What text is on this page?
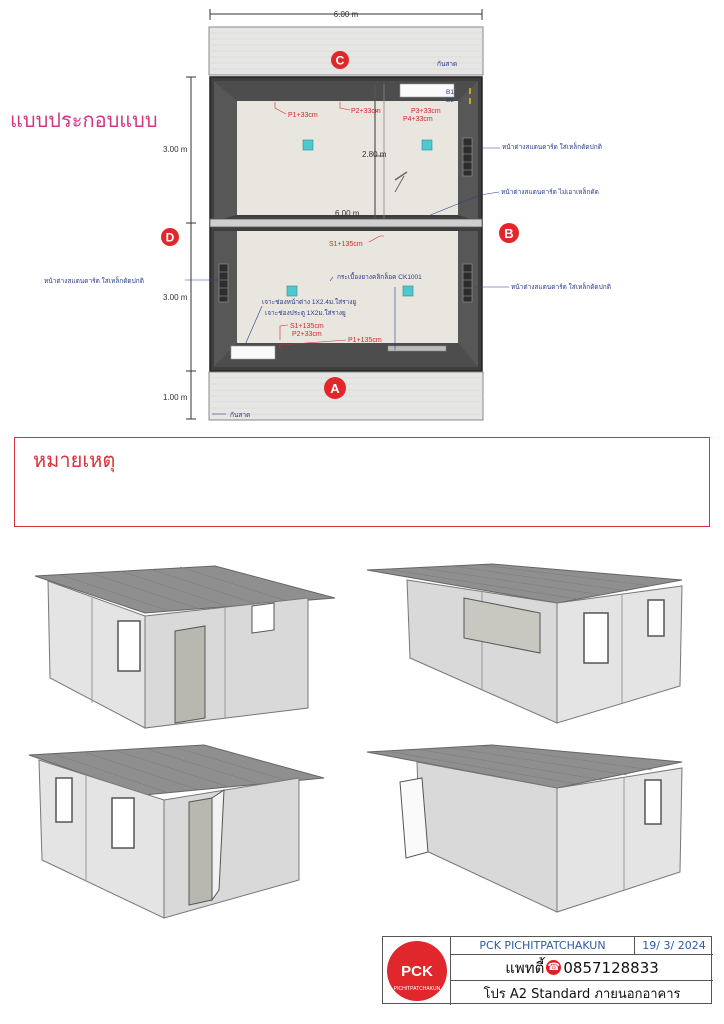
แบบประกอบแบบ
6.00 m
กันสาด
C
3.00 m
3.00 m
1.00 m
2.80 m
6.00 m
D	B
กันสาด
A
P1+33cm
P2+33cm	P3+33cm
P4+33cm
S1+135cm
S1+135cm
P2+33cm
P1+135cm
B1
B2
หน้าต่างสแตนดาร์ด ใส่เหล็กดัดปกติ
หน้าต่างสแตนดาร์ด ไม่เอาเหล็กดัด
หน้าต่างสแตนดาร์ด ใส่เหล็กดัดปกติ
หน้าต่างสแตนดาร์ด ใส่เหล็กดัดปกติ
กระเบื้องยางคลิกล็อค CK1001
เจาะช่องหน้าต่าง 1X2.4ม.ใส่รางยู
เจาะช่องประตู 1X2ม.ใส่รางยู
หมายเหตุ
PCK
PICHITPATCHAKUN
PCK PICHITPATCHAKUN	19/ 3/ 2024
แพทตี้ ☎ 0857128833
โปร A2 Standard ภายนอกอาคาร
